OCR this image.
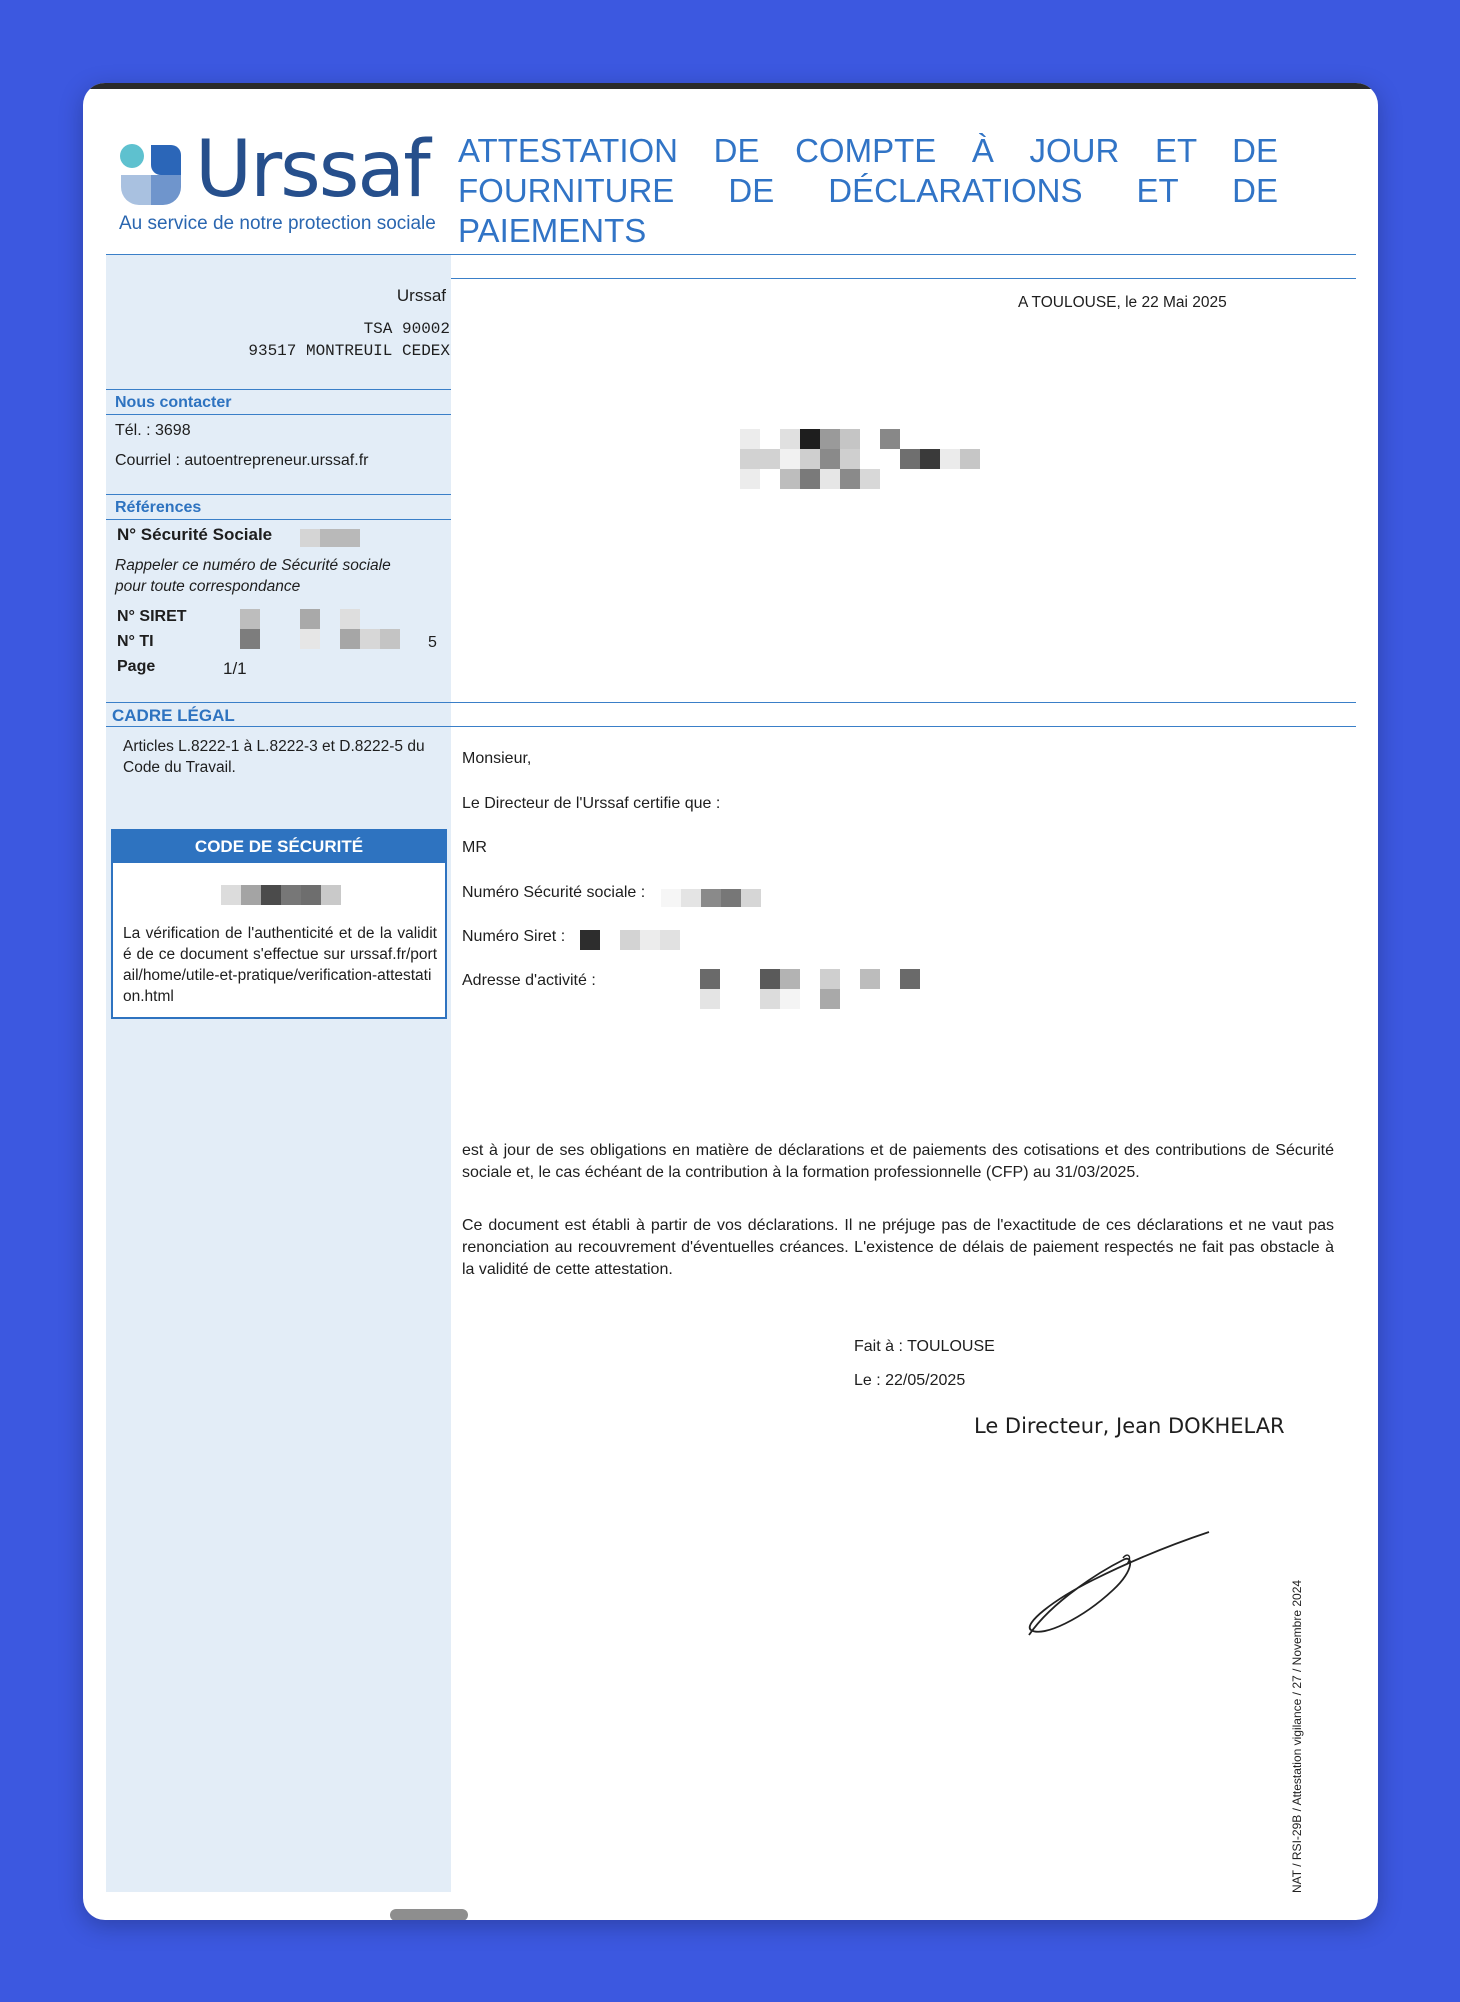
Urssaf
Au service de notre protection sociale
ATTESTATION DE COMPTE À JOUR ET DE FOURNITURE DE DÉCLARATIONS ET DE PAIEMENTS
Urssaf
TSA 90002
93517 MONTREUIL CEDEX
Nous contacter
Tél. : 3698
Courriel : autoentrepreneur.urssaf.fr
Références
N° Sécurité Sociale
Rappeler ce numéro de Sécurité sociale
pour toute correspondance
N° SIRET
N° TI	5
Page	1/1
CADRE LÉGAL
Articles L.8222-1 à L.8222-3 et D.8222-5 du Code du Travail.
CODE DE SÉCURITÉ
La vérification de l'authenticité et de la validité de ce document s'effectue sur urssaf.fr/portail/home/utile-et-pratique/verification-attestation.html
A TOULOUSE, le 22 Mai 2025
Monsieur,
Le Directeur de l'Urssaf certifie que :
MR
Numéro Sécurité sociale :
Numéro Siret :
Adresse d'activité :
est à jour de ses obligations en matière de déclarations et de paiements des cotisations et des contributions de Sécurité sociale et, le cas échéant de la contribution à la formation professionnelle (CFP) au 31/03/2025.
Ce document est établi à partir de vos déclarations. Il ne préjuge pas de l'exactitude de ces déclarations et ne vaut pas renonciation au recouvrement d'éventuelles créances. L'existence de délais de paiement respectés ne fait pas obstacle à la validité de cette attestation.
Fait à : TOULOUSE
Le : 22/05/2025
Le Directeur, Jean DOKHELAR
NAT / RSI-29B / Attestation vigilance / 27 / Novembre 2024
